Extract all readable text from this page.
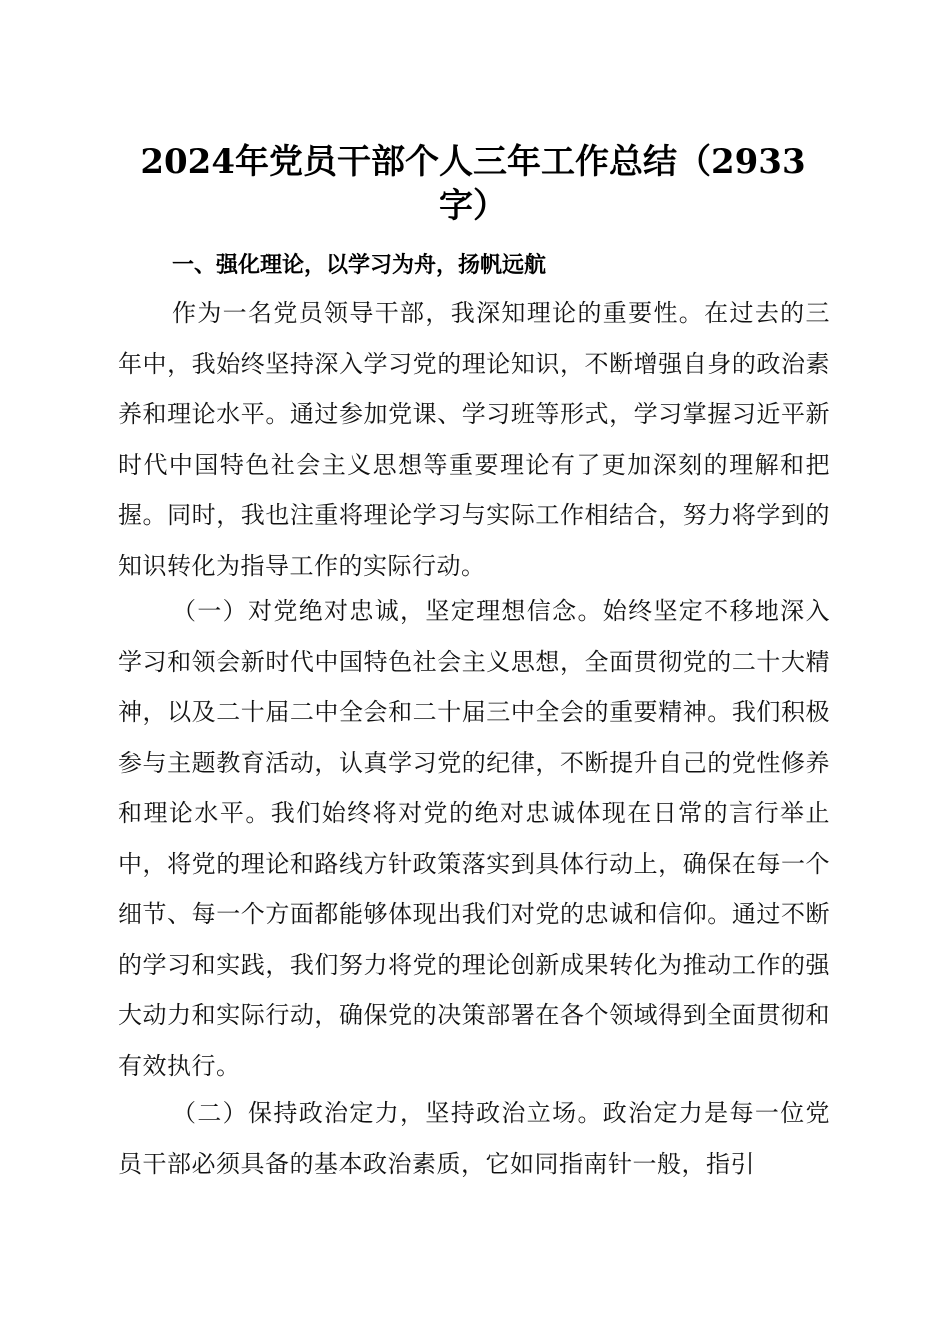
2024年党员干部个人三年工作总结（2933字）
一、强化理论，以学习为舟，扬帆远航

作为一名党员领导干部，我深知理论的重要性。在过去的三年中，我始终坚持深入学习党的理论知识，不断增强自身的政治素养和理论水平。通过参加党课、学习班等形式，学习掌握习近平新时代中国特色社会主义思想等重要理论有了更加深刻的理解和把握。同时，我也注重将理论学习与实际工作相结合，努力将学到的知识转化为指导工作的实际行动。

（一）对党绝对忠诚，坚定理想信念。始终坚定不移地深入学习和领会新时代中国特色社会主义思想，全面贯彻党的二十大精神，以及二十届二中全会和二十届三中全会的重要精神。我们积极参与主题教育活动，认真学习党的纪律，不断提升自己的党性修养和理论水平。我们始终将对党的绝对忠诚体现在日常的言行举止中，将党的理论和路线方针政策落实到具体行动上，确保在每一个细节、每一个方面都能够体现出我们对党的忠诚和信仰。通过不断的学习和实践，我们努力将党的理论创新成果转化为推动工作的强大动力和实际行动，确保党的决策部署在各个领域得到全面贯彻和有效执行。

（二）保持政治定力，坚持政治立场。政治定力是每一位党员干部必须具备的基本政治素质，它如同指南针一般，指引
